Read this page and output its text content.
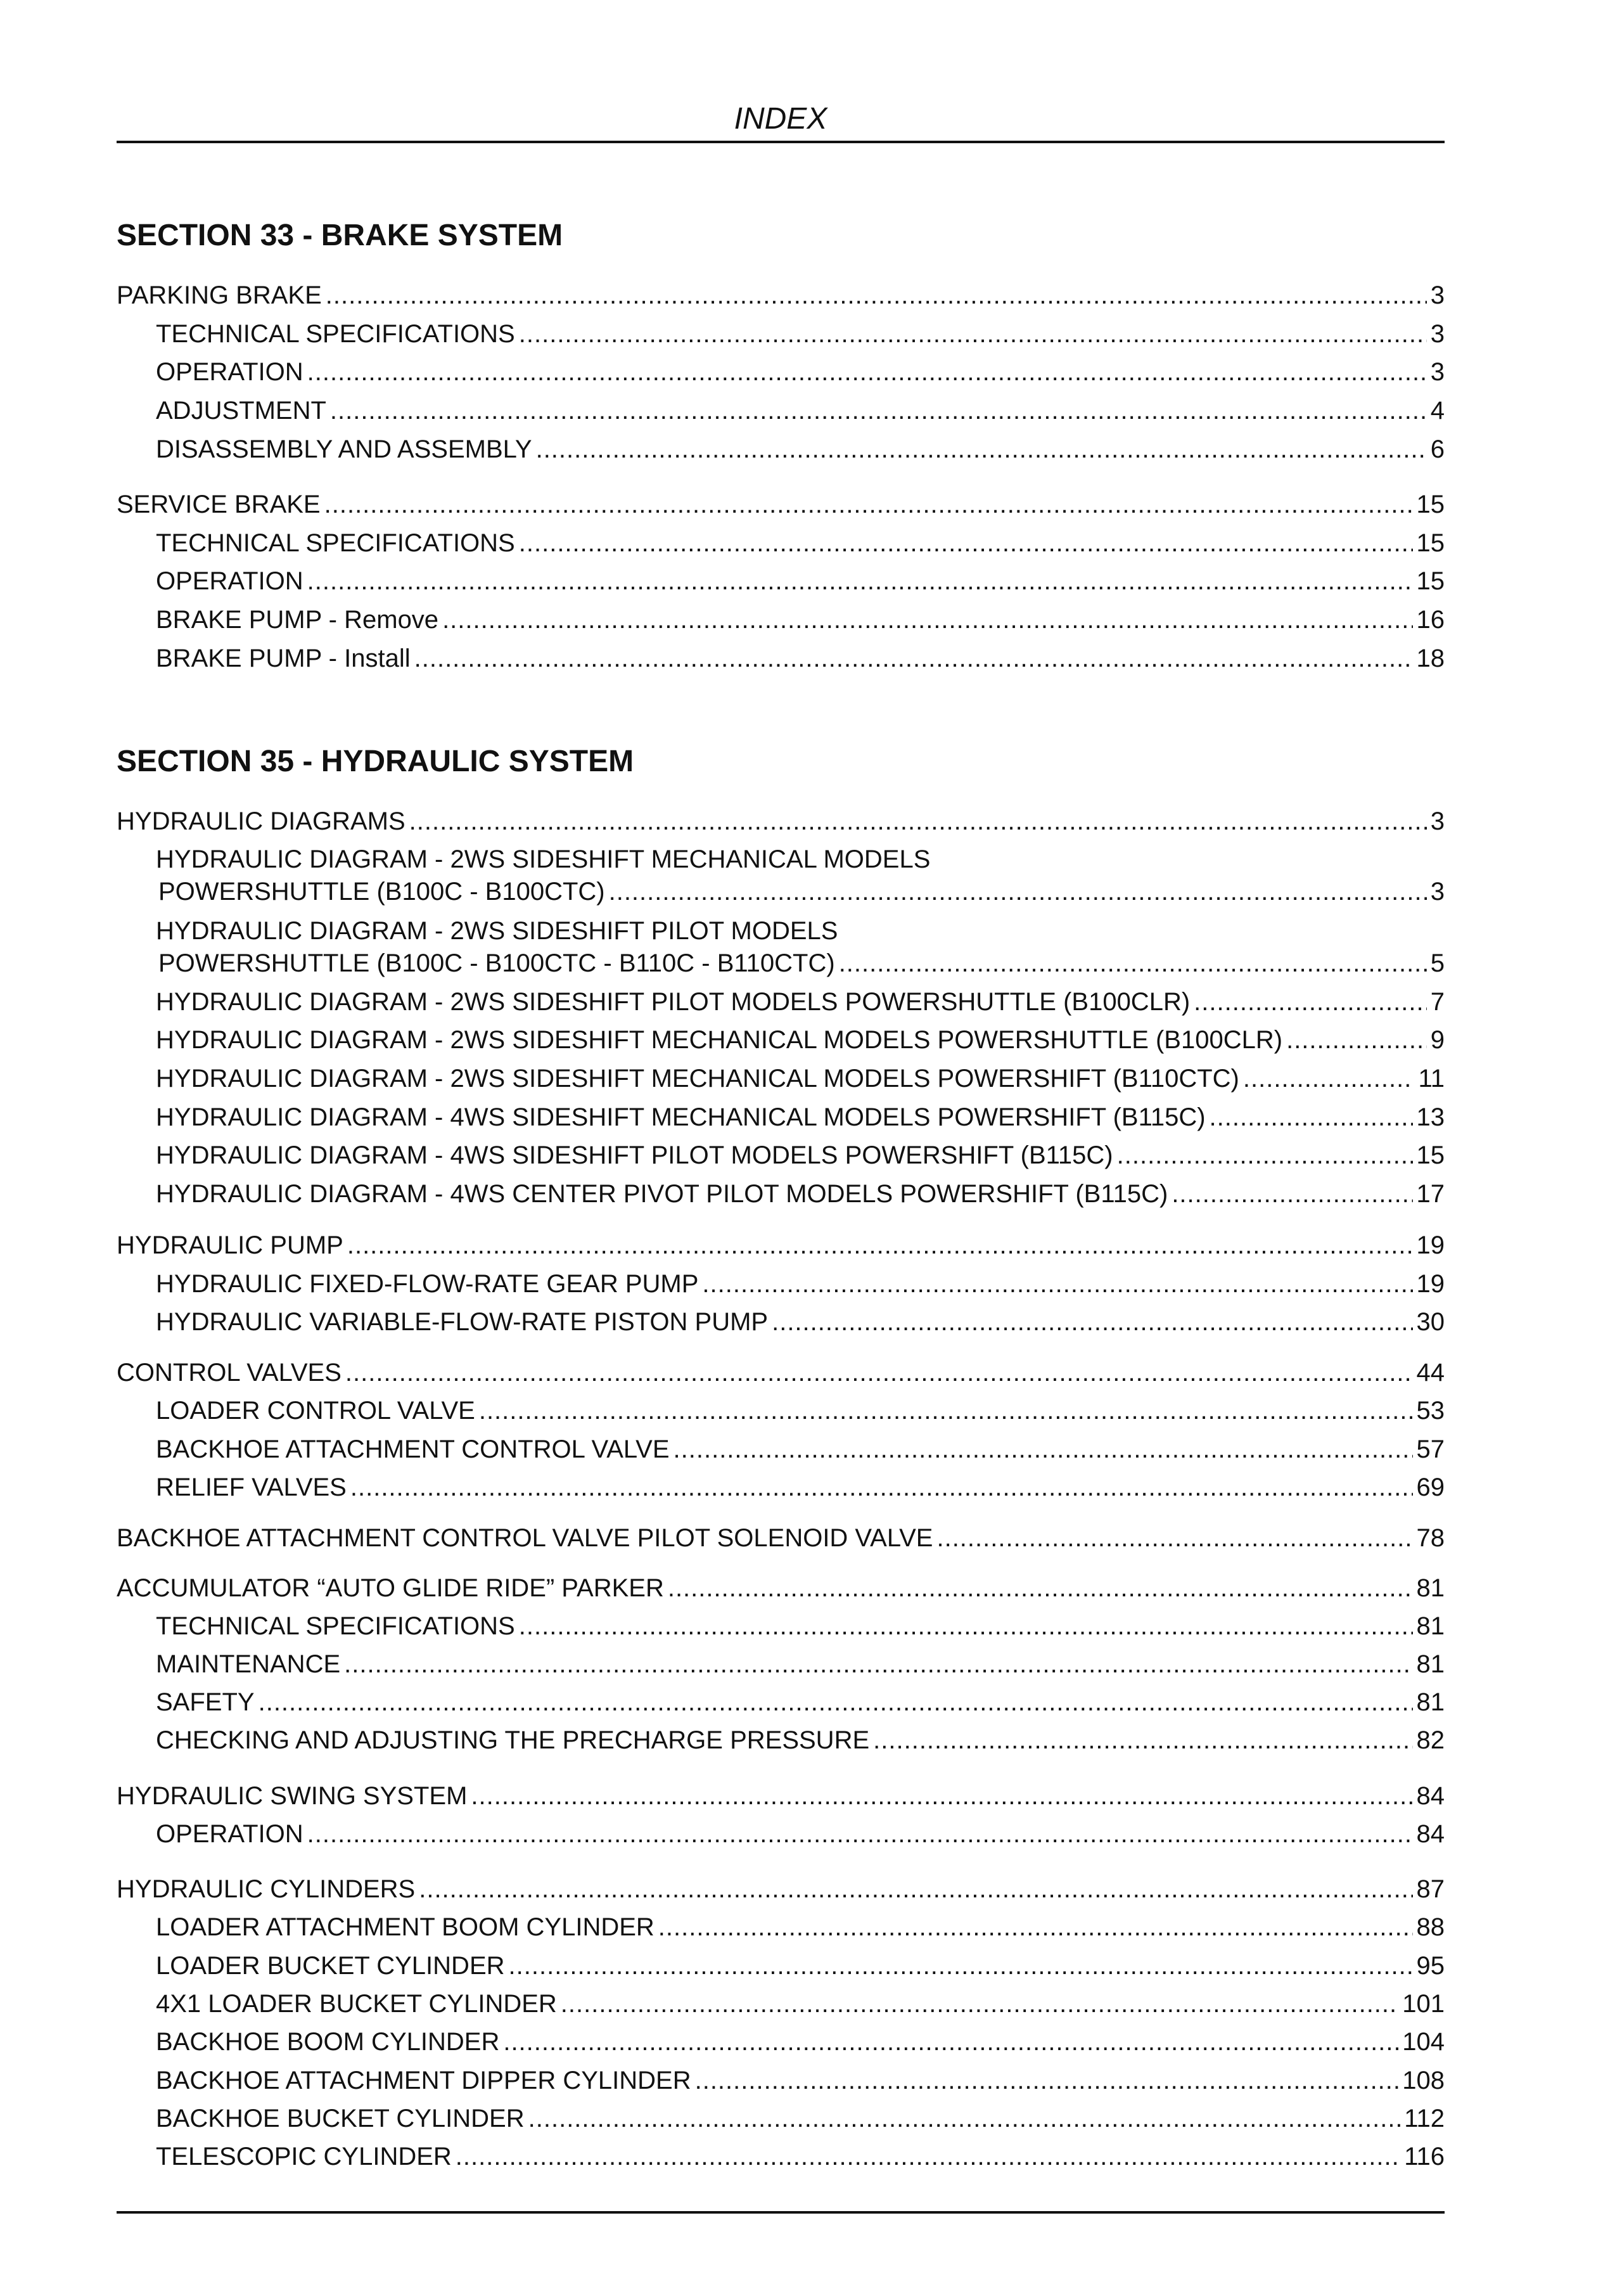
INDEX
SECTION 33 - BRAKE SYSTEM
PARKING BRAKE .....	3
TECHNICAL SPECIFICATIONS .....	3
OPERATION .....	3
ADJUSTMENT .....	4
DISASSEMBLY AND ASSEMBLY .....	6
SERVICE BRAKE .....	15
TECHNICAL SPECIFICATIONS .....	15
OPERATION .....	15
BRAKE PUMP - Remove .....	16
BRAKE PUMP - Install .....	18
SECTION 35 - HYDRAULIC SYSTEM
HYDRAULIC DIAGRAMS .....	3
HYDRAULIC DIAGRAM - 2WS SIDESHIFT MECHANICAL MODELS
POWERSHUTTLE (B100C - B100CTC) .....	3
HYDRAULIC DIAGRAM - 2WS SIDESHIFT PILOT MODELS
POWERSHUTTLE (B100C - B100CTC - B110C - B110CTC) .....	5
HYDRAULIC DIAGRAM - 2WS SIDESHIFT PILOT MODELS POWERSHUTTLE (B100CLR) .....	7
HYDRAULIC DIAGRAM - 2WS SIDESHIFT MECHANICAL MODELS POWERSHUTTLE (B100CLR) .....	9
HYDRAULIC DIAGRAM - 2WS SIDESHIFT MECHANICAL MODELS POWERSHIFT (B110CTC) .....	11
HYDRAULIC DIAGRAM - 4WS SIDESHIFT MECHANICAL MODELS POWERSHIFT (B115C) .....	13
HYDRAULIC DIAGRAM - 4WS SIDESHIFT PILOT MODELS POWERSHIFT (B115C) .....	15
HYDRAULIC DIAGRAM - 4WS CENTER PIVOT PILOT MODELS POWERSHIFT (B115C) .....	17
HYDRAULIC PUMP .....	19
HYDRAULIC FIXED-FLOW-RATE GEAR PUMP .....	19
HYDRAULIC VARIABLE-FLOW-RATE PISTON PUMP .....	30
CONTROL VALVES .....	44
LOADER CONTROL VALVE .....	53
BACKHOE ATTACHMENT CONTROL VALVE .....	57
RELIEF VALVES .....	69
BACKHOE ATTACHMENT CONTROL VALVE PILOT SOLENOID VALVE .....	78
ACCUMULATOR “AUTO GLIDE RIDE” PARKER .....	81
TECHNICAL SPECIFICATIONS .....	81
MAINTENANCE .....	81
SAFETY .....	81
CHECKING AND ADJUSTING THE PRECHARGE PRESSURE .....	82
HYDRAULIC SWING SYSTEM .....	84
OPERATION .....	84
HYDRAULIC CYLINDERS .....	87
LOADER ATTACHMENT BOOM CYLINDER .....	88
LOADER BUCKET CYLINDER .....	95
4X1 LOADER BUCKET CYLINDER .....	101
BACKHOE BOOM CYLINDER .....	104
BACKHOE ATTACHMENT DIPPER CYLINDER .....	108
BACKHOE BUCKET CYLINDER .....	112
TELESCOPIC CYLINDER .....	116
